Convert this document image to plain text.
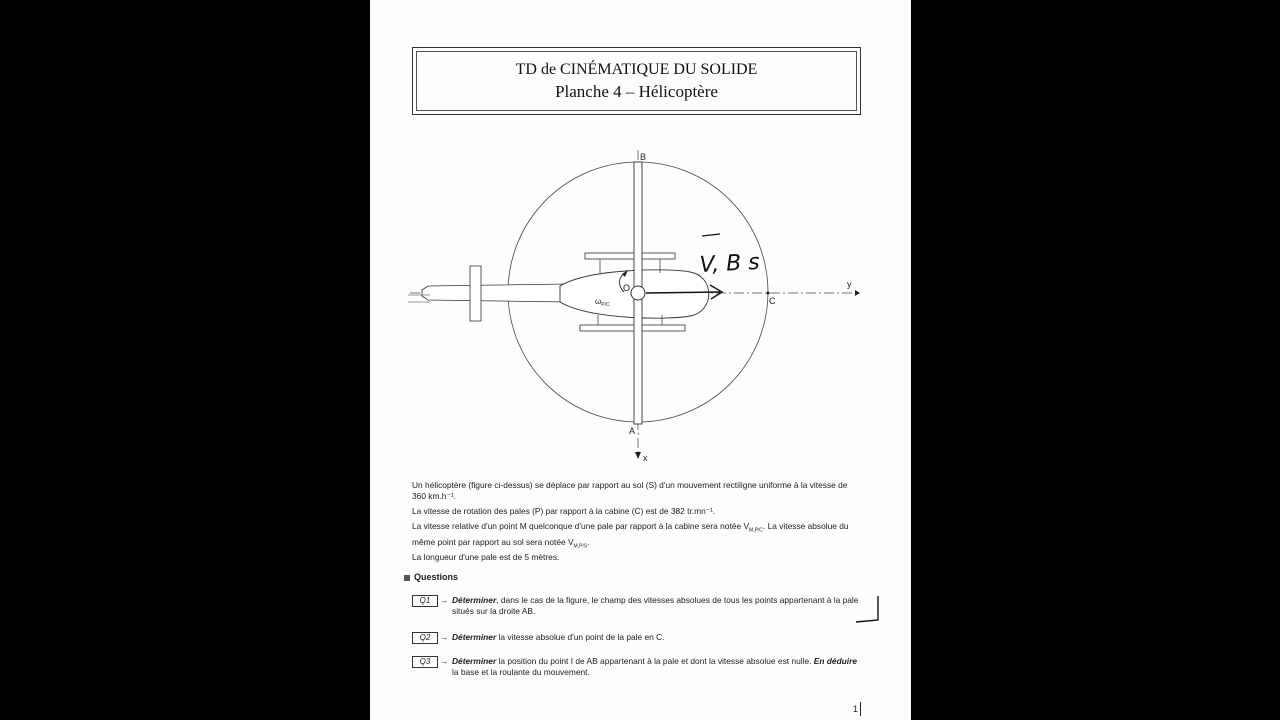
TD de CINÉMATIQUE DU SOLIDE
Planche 4 – Hélicoptère
V, B s
B
A
C
O	y
x
$\omega_{P/C}$

Un hélicoptère (figure ci-dessus) se déplace par rapport au sol (S) d'un mouvement rectiligne uniforme à la vitesse de 360 km.h⁻¹.

La vitesse de rotation des pales (P) par rapport à la cabine (C) est de 382 tr.mn⁻¹.

La vitesse relative d'un point M quelconque d'une pale par rapport à la cabine sera notée $V_{M,P/C}$. La vitesse absolue du même point par rapport au sol sera notée $V_{M,P/S}$.

La longueur d'une pale est de 5 mètres.

Questions
Q1	→ Déterminer, dans le cas de la figure, le champ des vitesses absolues de tous les points appartenant à la pale situés sur la droite AB.
Q2	→ Déterminer la vitesse absolue d'un point de la pale en C.
Q3	→ Déterminer la position du point I de AB appartenant à la pale et dont la vitesse absolue est nulle. En déduire la base et la roulante du mouvement.
1
